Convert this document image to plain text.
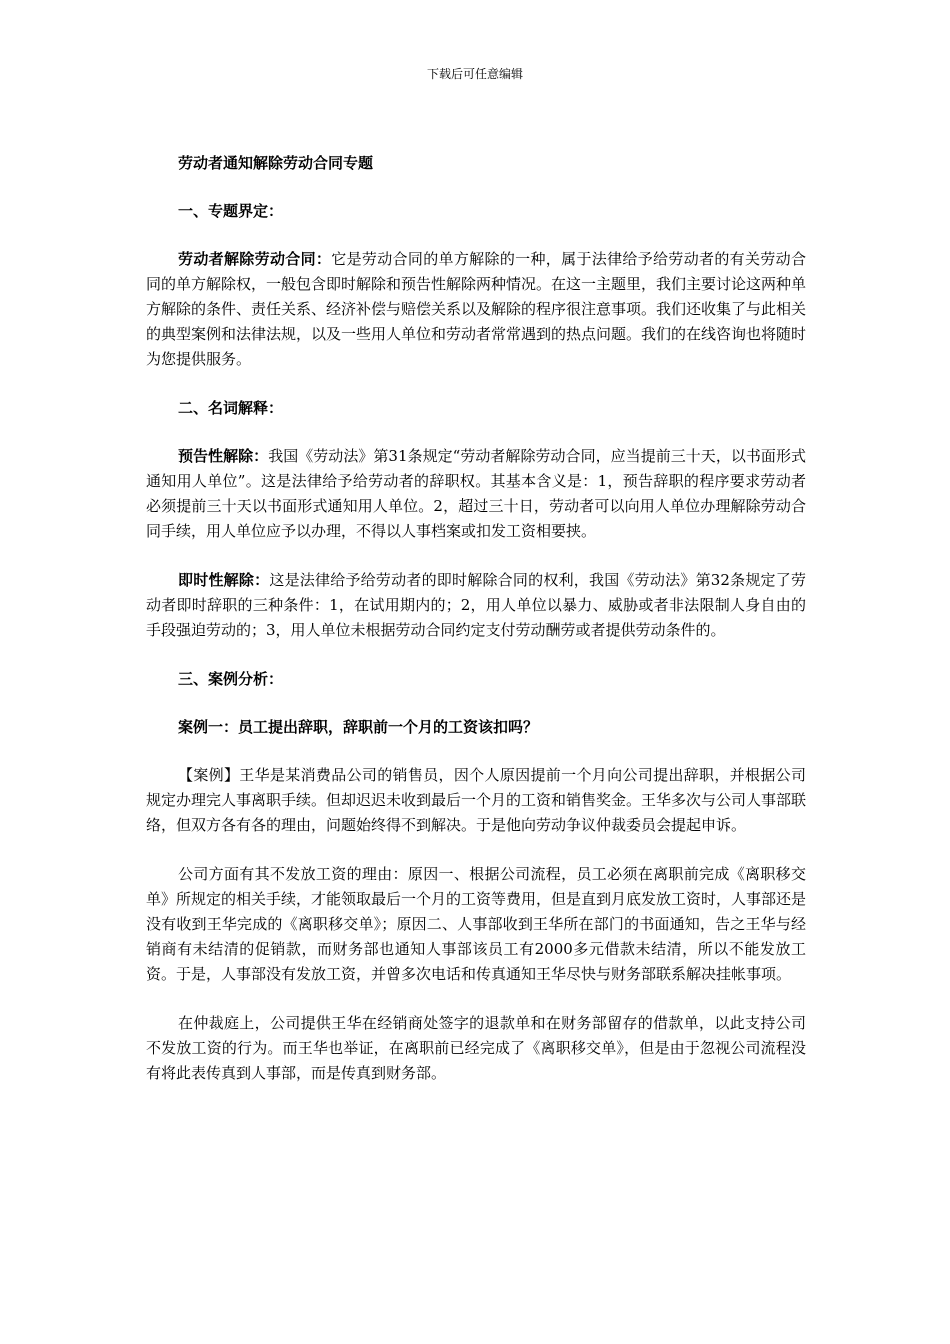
下载后可任意编辑
劳动者通知解除劳动合同专题
一、专题界定：

劳动者解除劳动合同：它是劳动合同的单方解除的一种，属于法律给予给劳动者的有关劳动合同的单方解除权，一般包含即时解除和预告性解除两种情况。在这一主题里，我们主要讨论这两种单方解除的条件、责任关系、经济补偿与赔偿关系以及解除的程序很注意事项。我们还收集了与此相关的典型案例和法律法规，以及一些用人单位和劳动者常常遇到的热点问题。我们的在线咨询也将随时为您提供服务。

二、名词解释：

预告性解除：我国《劳动法》第31条规定“劳动者解除劳动合同，应当提前三十天，以书面形式通知用人单位”。这是法律给予给劳动者的辞职权。其基本含义是：1，预告辞职的程序要求劳动者必须提前三十天以书面形式通知用人单位。2，超过三十日，劳动者可以向用人单位办理解除劳动合同手续，用人单位应予以办理，不得以人事档案或扣发工资相要挟。

即时性解除：这是法律给予给劳动者的即时解除合同的权利，我国《劳动法》第32条规定了劳动者即时辞职的三种条件：1，在试用期内的；2，用人单位以暴力、威胁或者非法限制人身自由的手段强迫劳动的；3，用人单位未根据劳动合同约定支付劳动酬劳或者提供劳动条件的。

三、案例分析：
案例一：员工提出辞职，辞职前一个月的工资该扣吗？

【案例】王华是某消费品公司的销售员，因个人原因提前一个月向公司提出辞职，并根据公司规定办理完人事离职手续。但却迟迟未收到最后一个月的工资和销售奖金。王华多次与公司人事部联络，但双方各有各的理由，问题始终得不到解决。于是他向劳动争议仲裁委员会提起申诉。

公司方面有其不发放工资的理由：原因一、根据公司流程，员工必须在离职前完成《离职移交单》所规定的相关手续，才能领取最后一个月的工资等费用，但是直到月底发放工资时，人事部还是没有收到王华完成的《离职移交单》；原因二、人事部收到王华所在部门的书面通知，告之王华与经销商有未结清的促销款，而财务部也通知人事部该员工有2000多元借款未结清，所以不能发放工资。于是，人事部没有发放工资，并曾多次电话和传真通知王华尽快与财务部联系解决挂帐事项。

在仲裁庭上，公司提供王华在经销商处签字的退款单和在财务部留存的借款单，以此支持公司不发放工资的行为。而王华也举证，在离职前已经完成了《离职移交单》，但是由于忽视公司流程没有将此表传真到人事部，而是传真到财务部。
